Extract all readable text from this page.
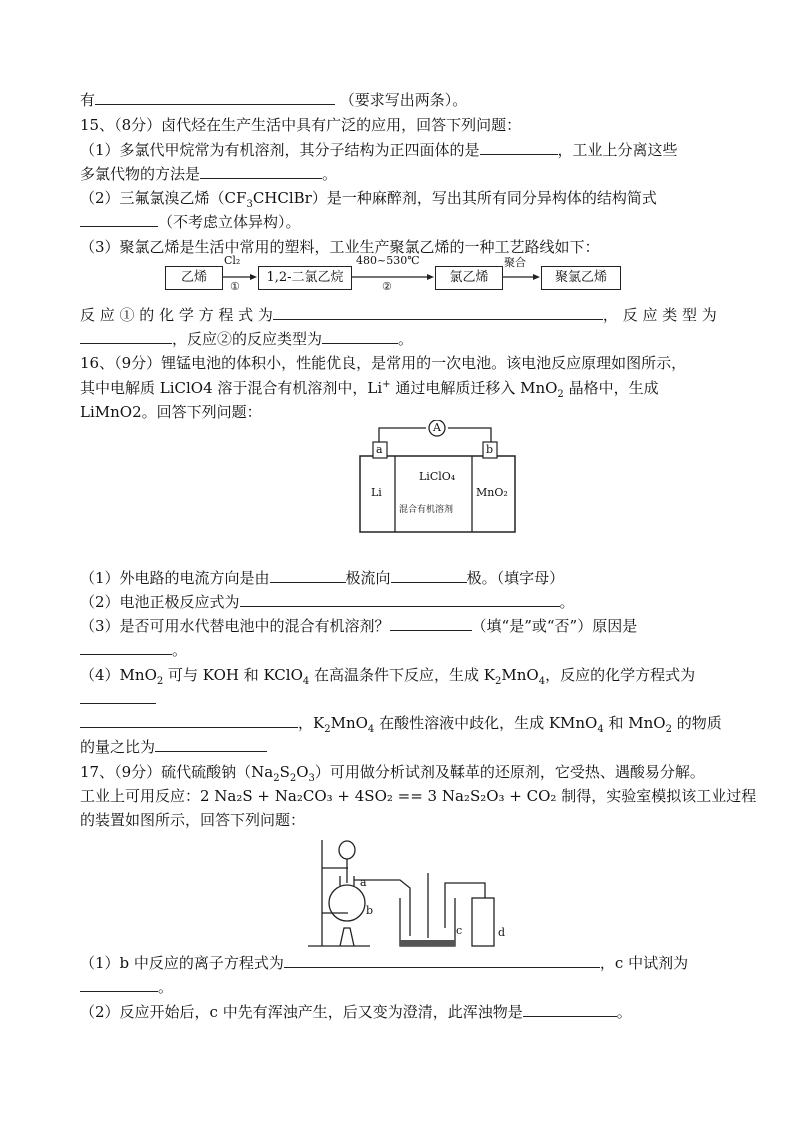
有	（要求写出两条）。
15、（8分）卤代烃在生产生活中具有广泛的应用，回答下列问题：
（1）多氯代甲烷常为有机溶剂，其分子结构为正四面体的是	，工业上分离这些
多氯代物的方法是	。
（2）三氟氯溴乙烯$(CF_3CHClBr)$是一种麻醉剂，写出其所有同分异构体的结构简式
（不考虑立体异构）。
（3）聚氯乙烯是生活中常用的塑料，工业生产聚氯乙烯的一种工艺路线如下：
乙烯	1,2-二氯乙烷	氯乙烯	聚氯乙烯
Cl₂
①
480~530℃
②
聚合
反 应 ① 的 化 学 方 程 式 为	， 反 应 类 型 为
，反应②的反应类型为	。
16、（9分）锂锰电池的体积小，性能优良，是常用的一次电池。该电池反应原理如图所示，
其中电解质 LiClO4 溶于混合有机溶剂中，Li+ 通过电解质迁移入 MnO$_2$ 晶格中，生成
LiMnO2。回答下列问题：
A
a	b
Li
LiClO₄
混合有机溶剂
MnO₂
（1）外电路的电流方向是由	极流向	极。（填字母）
（2）电池正极反应式为	。
（3）是否可用水代替电池中的混合有机溶剂？	（填“是”或“否”）原因是
。
（4）MnO$_2$ 可与 KOH 和 KClO$_4$ 在高温条件下反应，生成 $K_2MnO_4$，反应的化学方程式为
，$K_2MnO_4$ 在酸性溶液中歧化，生成 KMnO$_4$ 和 MnO$_2$ 的物质
的量之比为
17、（9分）硫代硫酸钠$(Na_2S_2O_3)$可用做分析试剂及鞣革的还原剂，它受热、遇酸易分解。
工业上可用反应：2 Na₂S + Na₂CO₃ + 4SO₂ == 3 Na₂S₂O₃ + CO₂ 制得，实验室模拟该工业过程
的装置如图所示，回答下列问题：
a
b
c	d
（1）b 中反应的离子方程式为	，c 中试剂为
。
（2）反应开始后，c 中先有浑浊产生，后又变为澄清，此浑浊物是	。
